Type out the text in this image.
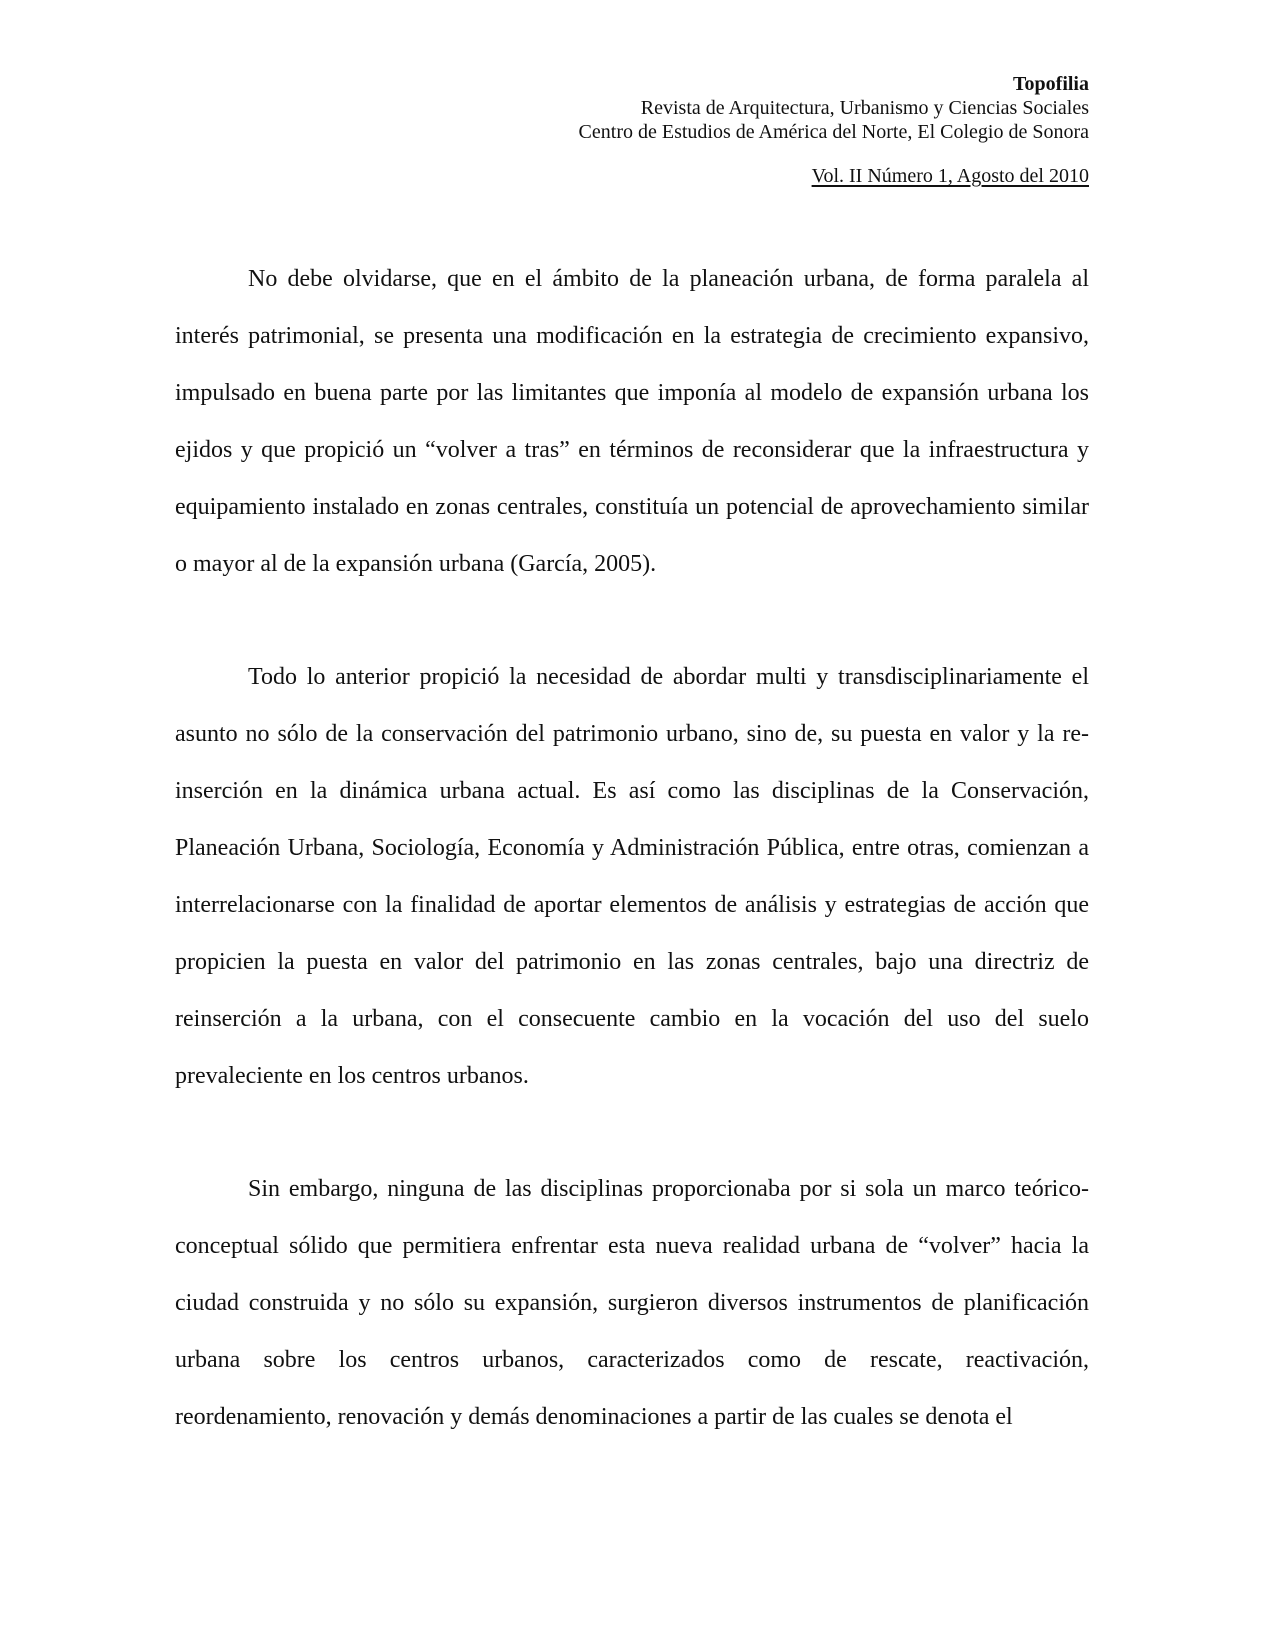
Topofilia
Revista de Arquitectura, Urbanismo y Ciencias Sociales
Centro de Estudios de América del Norte, El Colegio de Sonora
Vol. II Número 1, Agosto del 2010

No debe olvidarse, que en el ámbito de la planeación urbana, de forma paralela al interés patrimonial, se presenta una modificación en la estrategia de crecimiento expansivo, impulsado en buena parte por las limitantes que imponía al modelo de expansión urbana los ejidos y que propició un “volver a tras” en términos de reconsiderar que la infraestructura y equipamiento instalado en zonas centrales, constituía un potencial de aprovechamiento similar o mayor al de la expansión urbana (García, 2005).

Todo lo anterior propició la necesidad de abordar multi y transdisciplinariamente el asunto no sólo de la conservación del patrimonio urbano, sino de, su puesta en valor y la re-inserción en la dinámica urbana actual. Es así como las disciplinas de la Conservación, Planeación Urbana, Sociología, Economía y Administración Pública, entre otras, comienzan a interrelacionarse con la finalidad de aportar elementos de análisis y estrategias de acción que propicien la puesta en valor del patrimonio en las zonas centrales, bajo una directriz de reinserción a la urbana, con el consecuente cambio en la vocación del uso del suelo prevaleciente en los centros urbanos.

Sin embargo, ninguna de las disciplinas proporcionaba por si sola un marco teórico-conceptual sólido que permitiera enfrentar esta nueva realidad urbana de “volver” hacia la ciudad construida y no sólo su expansión, surgieron diversos instrumentos de planificación urbana sobre los centros urbanos, caracterizados como de rescate, reactivación, reordenamiento, renovación y demás denominaciones a partir de las cuales se denota el
